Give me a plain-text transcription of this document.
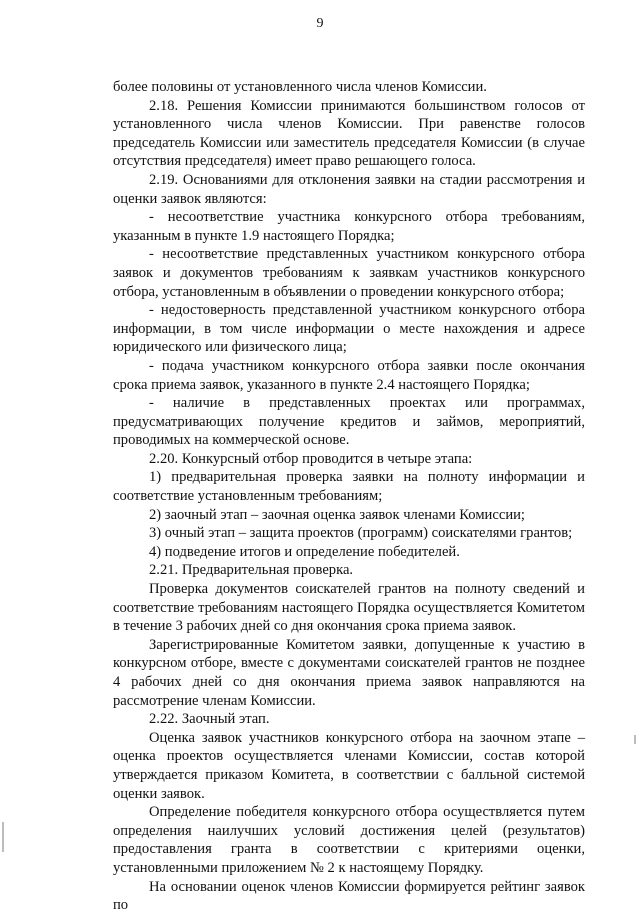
9

более половины от установленного числа членов Комиссии.

2.18. Решения Комиссии принимаются большинством голосов от установленного числа членов Комиссии. При равенстве голосов председатель Комиссии или заместитель председателя Комиссии (в случае отсутствия председателя) имеет право решающего голоса.

2.19. Основаниями для отклонения заявки на стадии рассмотрения и оценки заявок являются:

- несоответствие участника конкурсного отбора требованиям, указанным в пункте 1.9 настоящего Порядка;

- несоответствие представленных участником конкурсного отбора заявок и документов требованиям к заявкам участников конкурсного отбора, установленным в объявлении о проведении конкурсного отбора;

- недостоверность представленной участником конкурсного отбора информации, в том числе информации о месте нахождения и адресе юридического или физического лица;

- подача участником конкурсного отбора заявки после окончания срока приема заявок, указанного в пункте 2.4 настоящего Порядка;

- наличие в представленных проектах или программах, предусматривающих получение кредитов и займов, мероприятий, проводимых на коммерческой основе.

2.20. Конкурсный отбор проводится в четыре этапа:

1) предварительная проверка заявки на полноту информации и соответствие установленным требованиям;

2) заочный этап – заочная оценка заявок членами Комиссии;

3) очный этап – защита проектов (программ) соискателями грантов;

4) подведение итогов и определение победителей.

2.21. Предварительная проверка.

Проверка документов соискателей грантов на полноту сведений и соответствие требованиям настоящего Порядка осуществляется Комитетом в течение 3 рабочих дней со дня окончания срока приема заявок.

Зарегистрированные Комитетом заявки, допущенные к участию в конкурсном отборе, вместе с документами соискателей грантов не позднее 4 рабочих дней со дня окончания приема заявок направляются на рассмотрение членам Комиссии.

2.22. Заочный этап.

Оценка заявок участников конкурсного отбора на заочном этапе – оценка проектов осуществляется членами Комиссии, состав которой утверждается приказом Комитета, в соответствии с балльной системой оценки заявок.

Определение победителя конкурсного отбора осуществляется путем определения наилучших условий достижения целей (результатов) предоставления гранта в соответствии с критериями оценки, установленными приложением № 2 к настоящему Порядку.

На основании оценок членов Комиссии формируется рейтинг заявок по
